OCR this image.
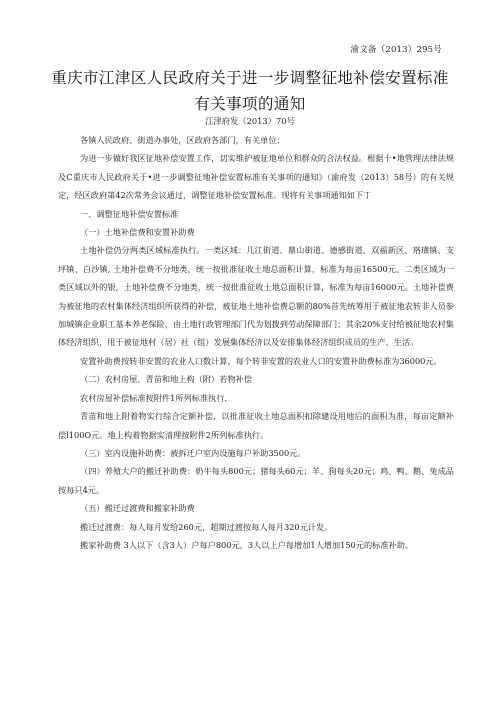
渝文备（2013）295号
重庆市江津区人民政府关于进一步调整征地补偿安置标准
有关事项的通知
江津府发（2013）70号

各镇人民政府、街道办事处，区政府各部门，有关单位：

为进一步做好我区征地补偿安置工作，切实维护被征地单位和群众的合法权益。根据十•地管理法律法规及C重庆市人民政府关于•进一步调整征地补偿安置标准有关事项的通知》（渝府发（2013）58号）的有关规定，经区政府第42次常务会议通过，调整征地补偿安置标准。现将有关事项通知如下丁

一、调整征地补偿安置标准

（一）土地补偿费和安置补助费

土地补偿仍分两类区域标准执行。一类区域：几江街道、鼎山街道、德感街道、双福新区、珞璜镇、支坪镇、白沙镇, 土地补偿费不分地类，统一按批准征收土地总面积计算，标准为每亩16500元。二类区域为一类区域以外的银，土地补偿费不分地类，统一按批准征收土地总面积计算，标准为每亩16000元。土地补偿费为被征地的农村集体经济组织所获得的补偿，被征地土地补偿费总额的80%首先统筹用于被征地农转非人员参加城镇企业职工基本养老保险，由土地行政管理部门代为划拨到劳动保障部门；其余20%支付给被征地农村集体经济组织，用于被征地村（居）社（组）发展集体经济以及安排集体经济组织成员的生产、生活。

安置补助费按转非安置的农业人口数计算，每个转非安置的农业人口的安置补助费标准为36000元。

（二）农村房屋、青苗和地上构（附）若物补偿

农村房屋补偿标准按附件1所列标准执行.

青苗和地上附着物实行综合定额补偿，以批准征收土地总面积扣除建设用地后的面积为准，每亩定额补偿l100O元。地上构着物据实清理按附件2所列标准执行。

（三）室内设施补助费：被拆迁户室内设施每户补助3500元。

（四）养殖大户的搬迁补助费：奶牛每头800元；猪每头60元；羊、狗每头20元；鸡、鸭、鹅、兔成品按每只4元。

（五）搬迁过渡费和搬家补助费

搬迁过渡费：每人每月发给260元，超期过渡按每人每月320元计发。

搬家补助费 3人以下（含3人）户每户800元，3人以上户每增加1人增加150元的标准补助。
